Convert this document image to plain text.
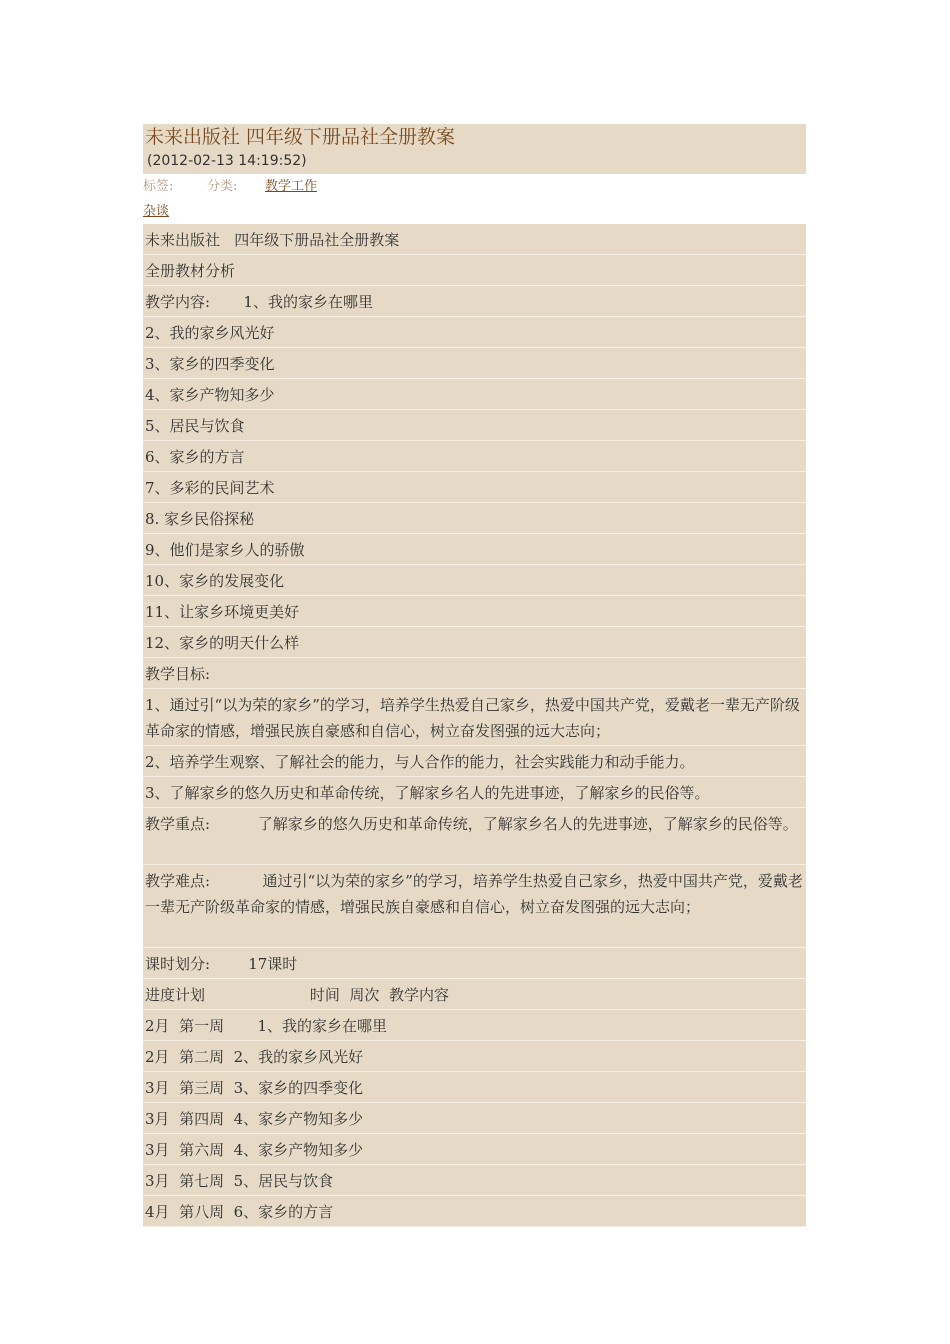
未来出版社 四年级下册品社全册教案
(2012-02-13 14:19:52)
标签:	分类: 教学工作
杂谈
未来出版社   四年级下册品社全册教案
全册教材分析
教学内容:       1、我的家乡在哪里
2、我的家乡风光好
3、家乡的四季变化
4、家乡产物知多少
5、居民与饮食
6、家乡的方言
7、多彩的民间艺术
8. 家乡民俗探秘
9、他们是家乡人的骄傲
10、家乡的发展变化
11、让家乡环境更美好
12、家乡的明天什么样
教学目标:
1、通过引“以为荣的家乡”的学习，培养学生热爱自己家乡，热爱中国共产党，爱戴老一辈无产阶级革命家的情感，增强民族自豪感和自信心，树立奋发图强的远大志向；
2、培养学生观察、了解社会的能力，与人合作的能力，社会实践能力和动手能力。
3、了解家乡的悠久历史和革命传统，了解家乡名人的先进事迹，了解家乡的民俗等。
教学重点:          了解家乡的悠久历史和革命传统，了解家乡名人的先进事迹，了解家乡的民俗等。
教学难点:           通过引“以为荣的家乡”的学习，培养学生热爱自己家乡，热爱中国共产党，爱戴老一辈无产阶级革命家的情感，增强民族自豪感和自信心，树立奋发图强的远大志向；
课时划分:        17课时
进度计划                      时间  周次  教学内容
2月  第一周       1、我的家乡在哪里
2月  第二周  2、我的家乡风光好
3月  第三周  3、家乡的四季变化
3月  第四周  4、家乡产物知多少
3月  第六周  4、家乡产物知多少
3月  第七周  5、居民与饮食
4月  第八周  6、家乡的方言
